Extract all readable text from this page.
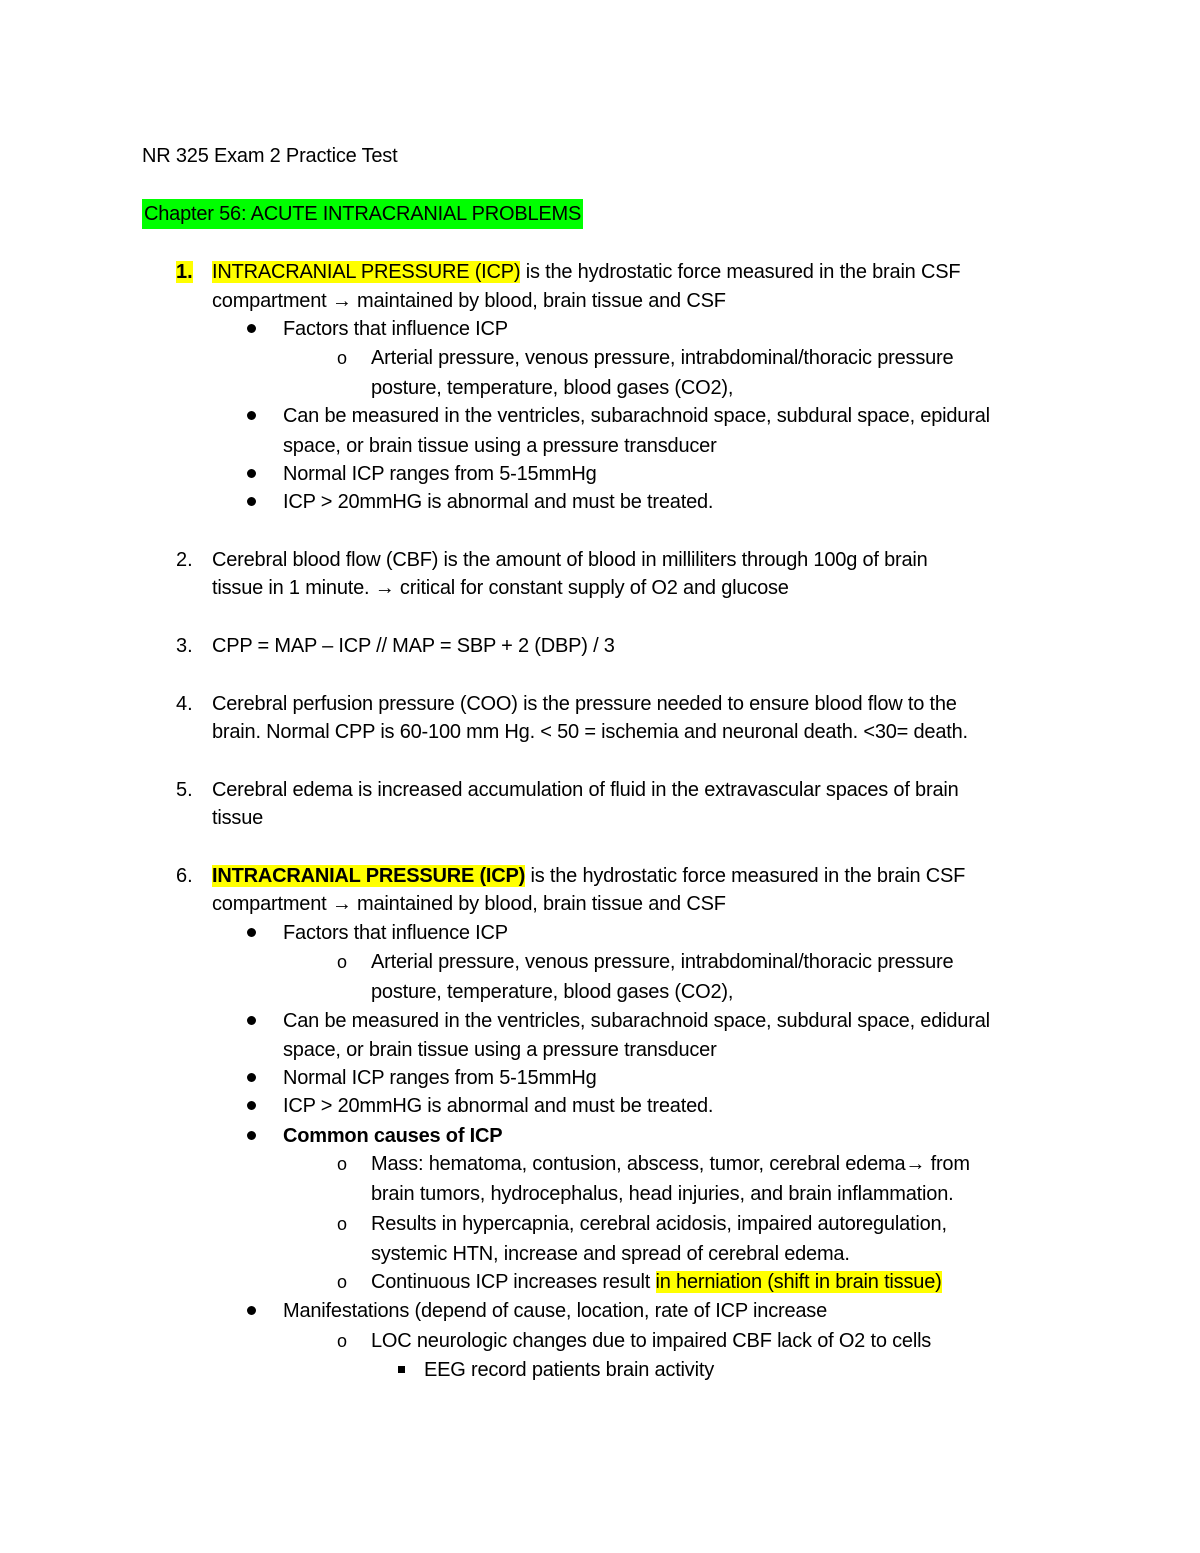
NR 325 Exam 2 Practice Test
Chapter 56: ACUTE INTRACRANIAL PROBLEMS
1. INTRACRANIAL PRESSURE (ICP) is the hydrostatic force measured in the brain CSF
compartment → maintained by blood, brain tissue and CSF
Factors that influence ICP
o Arterial pressure, venous pressure, intrabdominal/thoracic pressure
posture, temperature, blood gases (CO2),
Can be measured in the ventricles, subarachnoid space, subdural space, epidural
space, or brain tissue using a pressure transducer
Normal ICP ranges from 5-15mmHg
ICP > 20mmHG is abnormal and must be treated.
2. Cerebral blood flow (CBF) is the amount of blood in milliliters through 100g of brain
tissue in 1 minute. → critical for constant supply of O2 and glucose
3. CPP = MAP – ICP // MAP = SBP + 2 (DBP) / 3
4. Cerebral perfusion pressure (COO) is the pressure needed to ensure blood flow to the
brain. Normal CPP is 60-100 mm Hg. < 50 = ischemia and neuronal death. <30= death.
5. Cerebral edema is increased accumulation of fluid in the extravascular spaces of brain
tissue
6. INTRACRANIAL PRESSURE (ICP) is the hydrostatic force measured in the brain CSF
compartment → maintained by blood, brain tissue and CSF
Factors that influence ICP
o Arterial pressure, venous pressure, intrabdominal/thoracic pressure
posture, temperature, blood gases (CO2),
Can be measured in the ventricles, subarachnoid space, subdural space, edidural
space, or brain tissue using a pressure transducer
Normal ICP ranges from 5-15mmHg
ICP > 20mmHG is abnormal and must be treated.
Common causes of ICP
o Mass: hematoma, contusion, abscess, tumor, cerebral edema→ from
brain tumors, hydrocephalus, head injuries, and brain inflammation.
o Results in hypercapnia, cerebral acidosis, impaired autoregulation,
systemic HTN, increase and spread of cerebral edema.
o Continuous ICP increases result in herniation (shift in brain tissue)
Manifestations (depend of cause, location, rate of ICP increase
o LOC neurologic changes due to impaired CBF lack of O2 to cells
EEG record patients brain activity
